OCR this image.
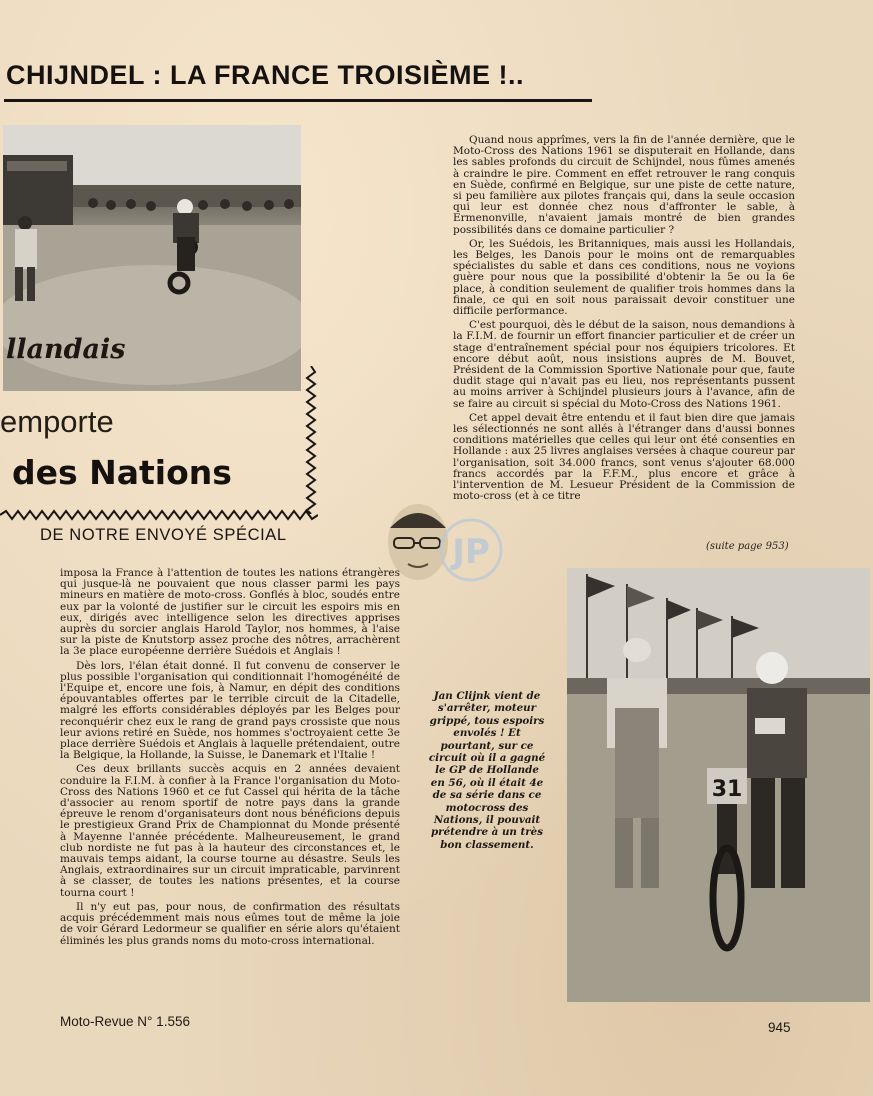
CHIJNDEL : LA FRANCE TROISIÈME !..
llandais
emporte
des Nations
DE NOTRE ENVOYÉ SPÉCIAL	JP

Quand nous apprîmes, vers la fin de l'année dernière, que le Moto-Cross des Nations 1961 se disputerait en Hollande, dans les sables profonds du circuit de Schijndel, nous fûmes amenés à craindre le pire. Comment en effet retrouver le rang conquis en Suède, confirmé en Belgique, sur une piste de cette nature, si peu familière aux pilotes français qui, dans la seule occasion qui leur est donnée chez nous d'affronter le sable, à Ermenonville, n'avaient jamais montré de bien grandes possibilités dans ce domaine particulier ?

Or, les Suédois, les Britanniques, mais aussi les Hollandais, les Belges, les Danois pour le moins ont de remarquables spécialistes du sable et dans ces conditions, nous ne voyions guère pour nous que la possibilité d'obtenir la 5e ou la 6e place, à condition seulement de qualifier trois hommes dans la finale, ce qui en soit nous paraissait devoir constituer une difficile performance.

C'est pourquoi, dès le début de la saison, nous demandions à la F.I.M. de fournir un effort financier particulier et de créer un stage d'entraînement spécial pour nos équipiers tricolores. Et encore début août, nous insistions auprès de M. Bouvet, Président de la Commission Sportive Nationale pour que, faute dudit stage qui n'avait pas eu lieu, nos représentants pussent au moins arriver à Schijndel plusieurs jours à l'avance, afin de se faire au circuit si spécial du Moto-Cross des Nations 1961.

Cet appel devait être entendu et il faut bien dire que jamais les sélectionnés ne sont allés à l'étranger dans d'aussi bonnes conditions matérielles que celles qui leur ont été consenties en Hollande : aux 25 livres anglaises versées à chaque coureur par l'organisation, soit 34.000 francs, sont venus s'ajouter 68.000 francs accordés par la F.F.M., plus encore et grâce à l'intervention de M. Lesueur Président de la Commission de moto-cross (et à ce titre

(suite page 953)

imposa la France à l'attention de toutes les nations étrangères qui jusque-là ne pouvaient que nous classer parmi les pays mineurs en matière de moto-cross. Gonflés à bloc, soudés entre eux par la volonté de justifier sur le circuit les espoirs mis en eux, dirigés avec intelligence selon les directives apprises auprès du sorcier anglais Harold Taylor, nos hommes, à l'aise sur la piste de Knutstorp assez proche des nôtres, arrachèrent la 3e place européenne derrière Suédois et Anglais !

Dès lors, l'élan était donné. Il fut convenu de conserver le plus possible l'organisation qui conditionnait l'homogénéité de l'Equipe et, encore une fois, à Namur, en dépit des conditions épouvantables offertes par le terrible circuit de la Citadelle, malgré les efforts considérables déployés par les Belges pour reconquérir chez eux le rang de grand pays crossiste que nous leur avions retiré en Suède, nos hommes s'octroyaient cette 3e place derrière Suédois et Anglais à laquelle prétendaient, outre la Belgique, la Hollande, la Suisse, le Danemark et l'Italie !

Ces deux brillants succès acquis en 2 années devaient conduire la F.I.M. à confier à la France l'organisation du Moto-Cross des Nations 1960 et ce fut Cassel qui hérita de la tâche d'associer au renom sportif de notre pays dans la grande épreuve le renom d'organisateurs dont nous bénéficions depuis le prestigieux Grand Prix de Championnat du Monde présenté à Mayenne l'année précédente. Malheureusement, le grand club nordiste ne fut pas à la hauteur des circonstances et, le mauvais temps aidant, la course tourne au désastre. Seuls les Anglais, extraordinaires sur un circuit impraticable, parvinrent à se classer, de toutes les nations présentes, et la course tourna court !

Il n'y eut pas, pour nous, de confirmation des résultats acquis précédemment mais nous eûmes tout de même la joie de voir Gérard Ledormeur se qualifier en série alors qu'étaient éliminés les plus grands noms du moto-cross international.

Jan Clijnk vient de s'arrêter, moteur grippé, tous espoirs envolés ! Et pourtant, sur ce circuit où il a gagné le GP de Hollande en 56, où il était 4e de sa série dans ce motocross des Nations, il pouvait prétendre à un très bon classement.
31
Moto-Revue N° 1.556	945
